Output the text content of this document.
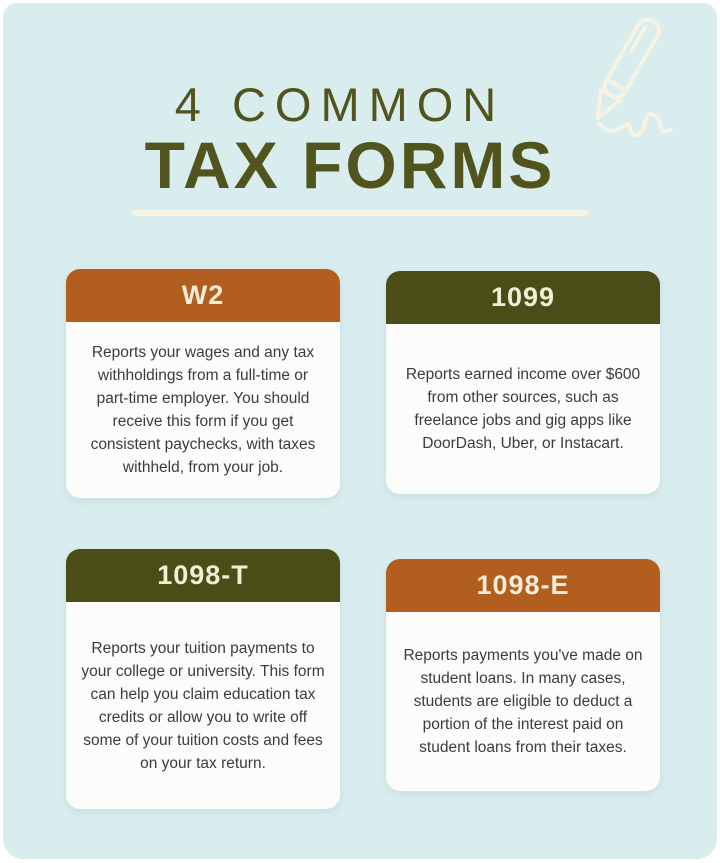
4 COMMON
TAX FORMS
W2
Reports your wages and any tax withholdings from a full-time or part-time employer. You should receive this form if you get consistent paychecks, with taxes withheld, from your job.
1099
Reports earned income over $600 from other sources, such as freelance jobs and gig apps like DoorDash, Uber, or Instacart.
1098-T
Reports your tuition payments to your college or university. This form can help you claim education tax credits or allow you to write off some of your tuition costs and fees on your tax return.
1098-E
Reports payments you've made on student loans. In many cases, students are eligible to deduct a portion of the interest paid on student loans from their taxes.
